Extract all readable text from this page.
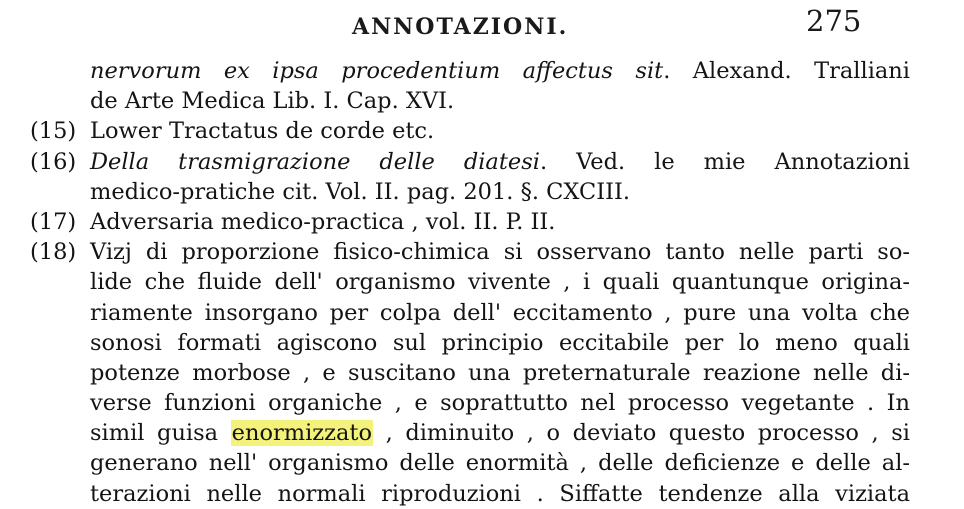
ANNOTAZIONI.	275
nervorum ex ipsa procedentium affectus sit. Alexand. Tralliani
de Arte Medica Lib. I. Cap. XVI.
(15) Lower Tractatus de corde etc.
(16) Della trasmigrazione delle diatesi. Ved. le mie Annotazioni
medico-pratiche cit. Vol. II. pag. 201. §. CXCIII.
(17) Adversaria medico-practica , vol. II. P. II.
(18) Vizj di proporzione fisico-chimica si osservano tanto nelle parti so-
lide che fluide dell' organismo vivente , i quali quantunque origina-
riamente insorgano per colpa dell' eccitamento , pure una volta che
sonosi formati agiscono sul principio eccitabile per lo meno quali
potenze morbose , e suscitano una preternaturale reazione nelle di-
verse funzioni organiche , e soprattutto nel processo vegetante . In
simil guisa enormizzato , diminuito , o deviato questo processo , si
generano nell' organismo delle enormità , delle deficienze e delle al-
terazioni nelle normali riproduzioni . Siffatte tendenze alla viziata
